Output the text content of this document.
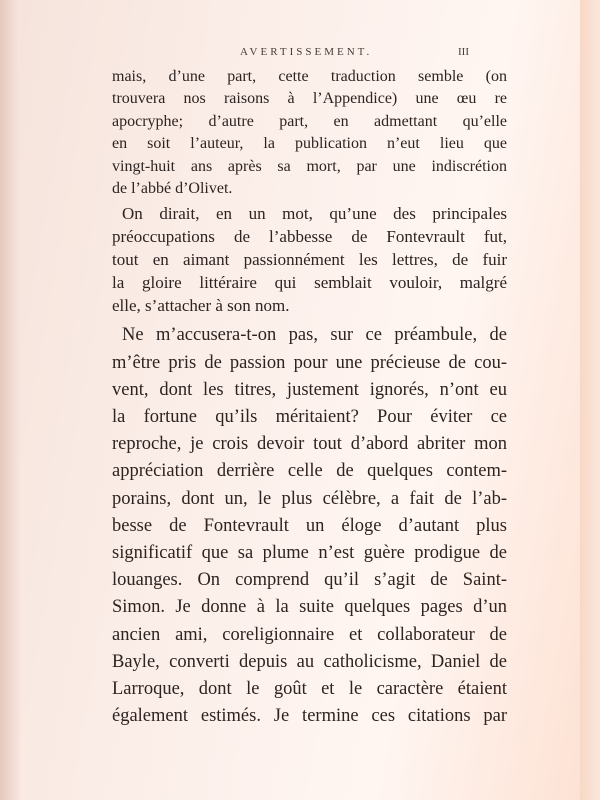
AVERTISSEMENT.	III
mais, d’une part, cette traduction semble (on
trouvera nos raisons à l’Appendice) une œu re
apocryphe; d’autre part, en admettant qu’elle
en soit l’auteur, la publication n’eut lieu que
vingt-huit ans après sa mort, par une indiscrétion
de l’abbé d’Olivet.
On dirait, en un mot, qu’une des principales
préoccupations de l’abbesse de Fontevrault fut,
tout en aimant passionnément les lettres, de fuir
la gloire littéraire qui semblait vouloir, malgré
elle, s’attacher à son nom.
Ne m’accusera-t-on pas, sur ce préambule, de
m’être pris de passion pour une précieuse de cou-
vent, dont les titres, justement ignorés, n’ont eu
la fortune qu’ils méritaient? Pour éviter ce
reproche, je crois devoir tout d’abord abriter mon
appréciation derrière celle de quelques contem-
porains, dont un, le plus célèbre, a fait de l’ab-
besse de Fontevrault un éloge d’autant plus
significatif que sa plume n’est guère prodigue de
louanges. On comprend qu’il s’agit de Saint-
Simon. Je donne à la suite quelques pages d’un
ancien ami, coreligionnaire et collaborateur de
Bayle, converti depuis au catholicisme, Daniel de
Larroque, dont le goût et le caractère étaient
également estimés. Je termine ces citations par
